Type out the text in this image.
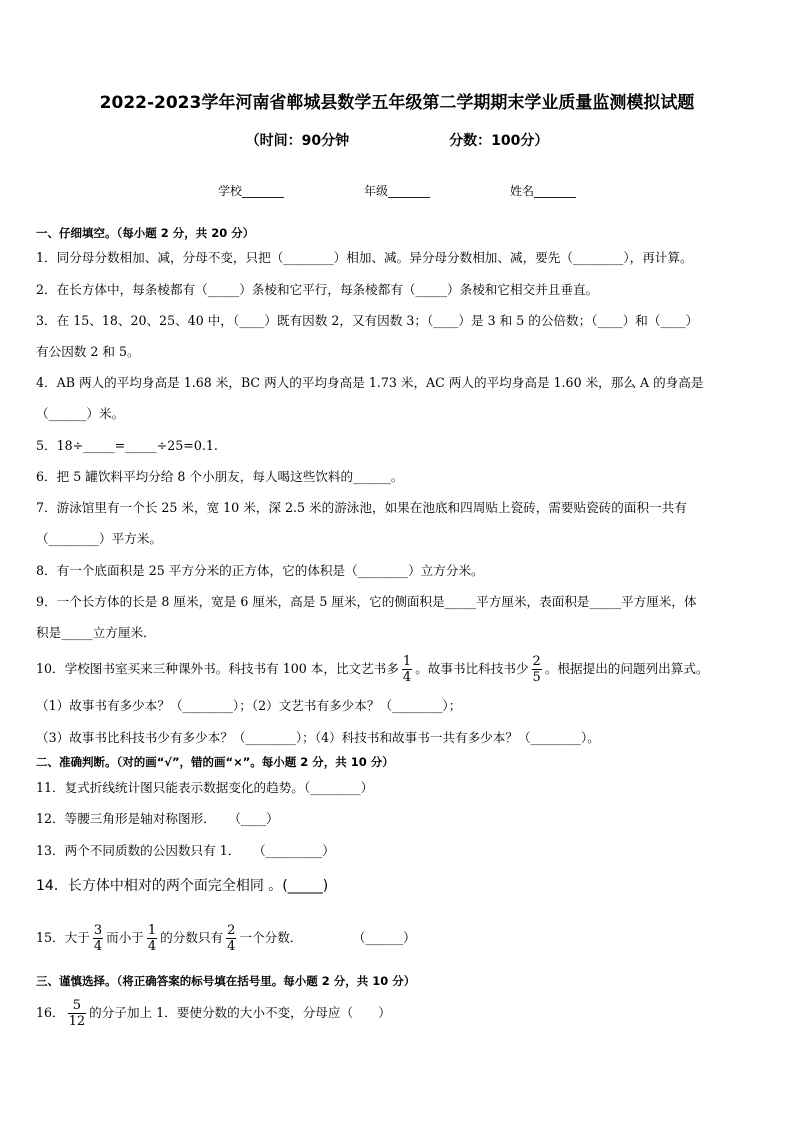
2022-2023学年河南省郸城县数学五年级第二学期期末学业质量监测模拟试题
（时间：90分钟	分数：100分）
学校_______	年级_______	姓名_______
一、仔细填空。（每小题 2 分，共 20 分）
1．同分母分数相加、减，分母不变，只把（________）相加、减。异分母分数相加、减，要先（________），再计算。
2．在长方体中，每条棱都有（_____）条棱和它平行，每条棱都有（_____）条棱和它相交并且垂直。
3．在 15、18、20、25、40 中，（____）既有因数 2，又有因数 3；（____）是 3 和 5 的公倍数；（____）和（____）
有公因数 2 和 5。
4．AB 两人的平均身高是 1.68 米，BC 两人的平均身高是 1.73 米，AC 两人的平均身高是 1.60 米，那么 A 的身高是
（______）米。
5．18÷_____=_____÷25=0.1.
6．把 5 罐饮料平均分给 8 个小朋友，每人喝这些饮料的______。
7．游泳馆里有一个长 25 米，宽 10 米，深 2.5 米的游泳池，如果在池底和四周贴上瓷砖，需要贴瓷砖的面积一共有
（________）平方米。
8．有一个底面积是 25 平方分米的正方体，它的体积是（________）立方分米。
9．一个长方体的长是 8 厘米，宽是 6 厘米，高是 5 厘米，它的侧面积是_____平方厘米，表面积是_____平方厘米，体
积是_____立方厘米．
10．学校图书室买来三种课外书。科技书有 100 本，比文艺书多 $\frac{1}{4}$ 。故事书比科技书少 $\frac{2}{5}$ 。根据提出的问题列出算式。
（1）故事书有多少本？（________）；（2）文艺书有多少本？（________）；
（3）故事书比科技书少有多少本？（________）；（4）科技书和故事书一共有多少本？（________）。
二、准确判断。（对的画“√”，错的画“×”。每小题 2 分，共 10 分）
11．复式折线统计图只能表示数据变化的趋势。（________）
12．等腰三角形是轴对称图形．　　（____）
13．两个不同质数的公因数只有 1．　　（_________）
14．长方体中相对的两个面完全相同 。(_____)
15．大于 $\frac{3}{4}$ 而小于 $\frac{1}{4}$ 的分数只有 $\frac{2}{4}$ 一个分数．　　　　　（______）
三、谨慎选择。（将正确答案的标号填在括号里。每小题 2 分，共 10 分）
16． $\frac{5}{12}$ 的分子加上 1．要使分数的大小不变，分母应（　　）
